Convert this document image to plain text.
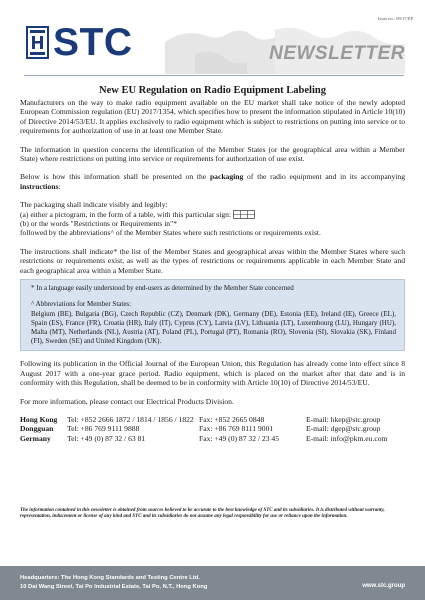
Issue no.: 09/17/EP
STC	NEWSLETTER
New EU Regulation on Radio Equipment Labeling

Manufacturers on the way to make radio equipment available on the EU market shall take notice of the newly adopted European Commission regulation (EU) 2017/1354, which specifies how to present the information stipulated in Article 10(10) of Directive 2014/53/EU. It applies exclusively to radio equipment which is subject to restrictions on putting into service or to requirements for authorization of use in at least one Member State.

The information in question concerns the identification of the Member States (or the geographical area within a Member State) where restrictions on putting into service or requirements for authorization of use exist.

Below is how this information shall be presented on the packaging of the radio equipment and in its accompanying instructions:

The packaging shall indicate visibly and legibly:
(a) either a pictogram, in the form of a table, with this particular sign:
(b) or the words "Restrictions or Requirements in"*
followed by the abbreviations^ of the Member States where such restrictions or requirements exist.

The instructions shall indicate* the list of the Member States and geographical areas within the Member States where such restrictions or requirements exist, as well as the types of restrictions or requirements applicable in each Member State and each geographical area within a Member State.

* In a language easily understood by end-users as determined by the Member State concerned

^ Abbreviations for Member States:

Belgium (BE), Bulgaria (BG), Czech Republic (CZ), Denmark (DK), Germany (DE), Estonia (EE), Ireland (IE), Greece (EL), Spain (ES), France (FR), Croatia (HR), Italy (IT), Cyprus (CY), Latvia (LV), Lithuania (LT), Luxembourg (LU), Hungary (HU), Malta (MT), Netherlands (NL), Austria (AT), Poland (PL), Portugal (PT), Romania (RO), Slovenia (SI), Slovakia (SK), Finland (FI), Sweden (SE) and United Kingdom (UK).

Following its publication in the Official Journal of the European Union, this Regulation has already come into effect since 8 August 2017 with a one-year grace period. Radio equipment, which is placed on the market after that date and is in conformity with this Regulation, shall be deemed to be in conformity with Article 10(10) of Directive 2014/53/EU.

For more information, please contact our Electrical Products Division.

Hong Kong	Tel: +852 2666 1872 / 1814 / 1856 / 1822 Fax: +852 2665 0848	E-mail: hkep@stc.group
Dongguan	Tel: +86 769 9111 9888	Fax: +86 769 8111 9001	E-mail: dgep@stc.group
Germany	Tel: +49 (0) 87 32 / 63 81	Fax: +49 (0) 87 32 / 23 45	E-mail: info@pkm.eu.com
The information contained in this newsletter is obtained from sources believed to be accurate to the best knowledge of STC and its subsidiaries. It is distributed without warranty, representation, inducement or license of any kind and STC and its subsidiaries do not assume any legal responsibility for use or reliance upon the information.
Headquarters: The Hong Kong Standards and Testing Centre Ltd.
10 Dai Wang Street, Tai Po Industrial Estate, Tai Po, N.T., Hong Kong	www.stc.group
